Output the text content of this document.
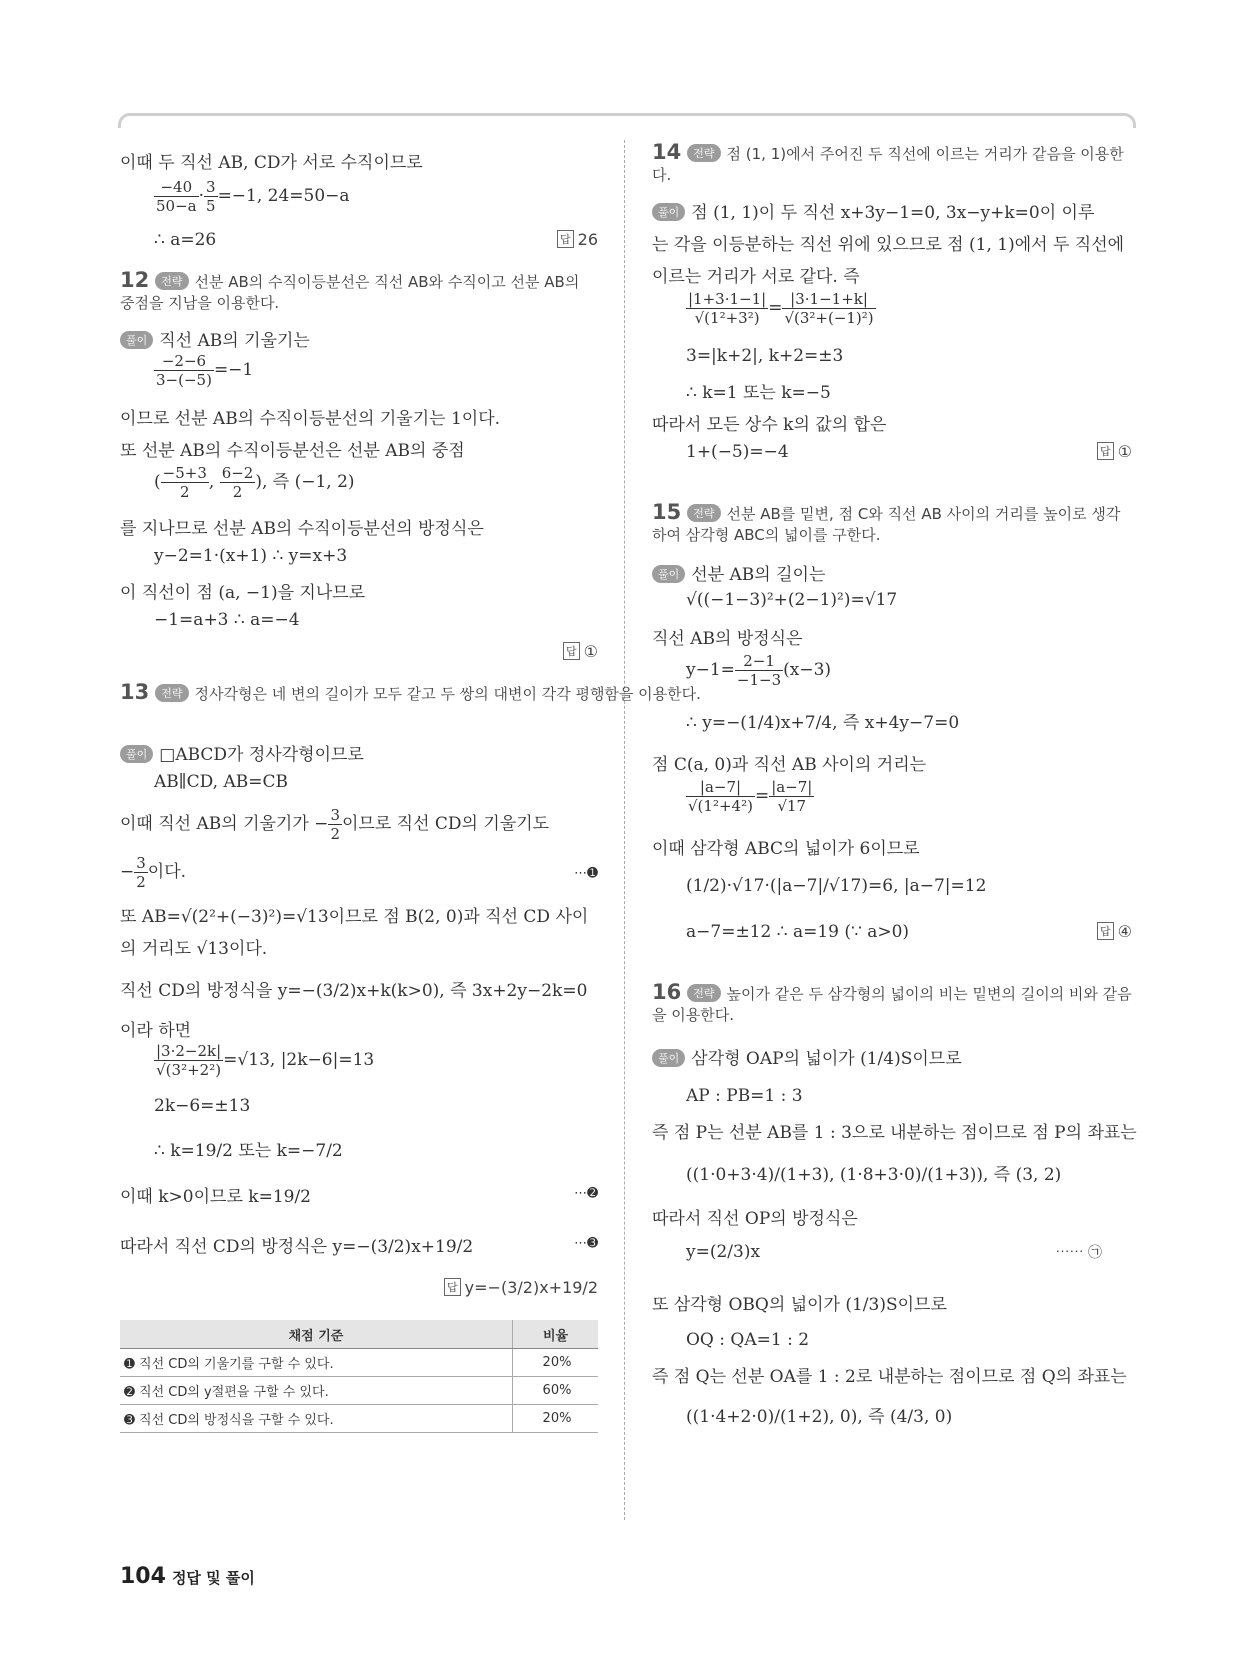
이때 두 직선 AB, CD가 서로 수직이므로
$\frac{-40}{50-a} \cdot \frac{3}{5} =-1$, 24=50−a
∴ a=26	답 26
12 전략 선분 AB의 수직이등분선은 직선 AB와 수직이고 선분 AB의 중점을 지남을 이용한다.
풀이 직선 AB의 기울기는
$\frac{-2-6}{3-(-5)} =-1$
이므로 선분 AB의 수직이등분선의 기울기는 1이다.
또 선분 AB의 수직이등분선은 선분 AB의 중점
( $\frac{-5+3}{2}$ , $\frac{6-2}{2}$ ), 즉 (−1, 2)
를 지나므로 선분 AB의 수직이등분선의 방정식은
y−2=1·(x+1) ∴ y=x+3
이 직선이 점 (a, −1)을 지나므로
−1=a+3 ∴ a=−4
답 ①
13 전략 정사각형은 네 변의 길이가 모두 같고 두 쌍의 대변이 각각 평행함을 이용한다.
풀이 □ABCD가 정사각형이므로
AB∥CD, AB=CB
이때 직선 AB의 기울기가 − $\frac{3}{2}$ 이므로 직선 CD의 기울기도
− $\frac{3}{2}$ 이다.	⋯➊
또 AB=√(2²+(−3)²)=√13이므로 점 B(2, 0)과 직선 CD 사이
의 거리도 √13이다.
직선 CD의 방정식을 y=−(3/2)x+k(k>0), 즉 3x+2y−2k=0
이라 하면
$\frac{|3\cdot 2-2k|}{\text{√(3²+2²)}} =√13$, |2k−6|=13
2k−6=±13
∴ k=19/2 또는 k=−7/2
이때 k>0이므로 k=19/2	⋯➋
따라서 직선 CD의 방정식은 y=−(3/2)x+19/2	⋯➌
답 y=−(3/2)x+19/2
채점 기준	비율
➊ 직선 CD의 기울기를 구할 수 있다.	20%
➋ 직선 CD의 y절편을 구할 수 있다.	60%
➌ 직선 CD의 방정식을 구할 수 있다.	20%
14 전략 점 (1, 1)에서 주어진 두 직선에 이르는 거리가 같음을 이용한다.
풀이 점 (1, 1)이 두 직선 x+3y−1=0, 3x−y+k=0이 이루
는 각을 이등분하는 직선 위에 있으므로 점 (1, 1)에서 두 직선에
이르는 거리가 서로 같다. 즉
$\frac{|1+3\cdot 1-1|}{\text{√(1²+3²)}} = \frac{|3\cdot 1-1+k|}{\text{√(3²+(−1)²)}}$
3=|k+2|, k+2=±3
∴ k=1 또는 k=−5
따라서 모든 상수 k의 값의 합은
1+(−5)=−4	답 ①
15 전략 선분 AB를 밑변, 점 C와 직선 AB 사이의 거리를 높이로 생각하여 삼각형 ABC의 넓이를 구한다.
풀이 선분 AB의 길이는
√((−1−3)²+(2−1)²)=√17
직선 AB의 방정식은
$y-1= \frac{2-1}{-1-3} (x-3)$
∴ y=−(1/4)x+7/4, 즉 x+4y−7=0
점 C(a, 0)과 직선 AB 사이의 거리는
$\frac{|a-7|}{\text{√(1²+4²)}} = \frac{|a-7|}{√17}$
이때 삼각형 ABC의 넓이가 6이므로
(1/2)·√17·(|a−7|/√17)=6, |a−7|=12
a−7=±12 ∴ a=19 (∵ a>0)	답 ④
16 전략 높이가 같은 두 삼각형의 넓이의 비는 밑변의 길이의 비와 같음을 이용한다.
풀이 삼각형 OAP의 넓이가 (1/4)S이므로
AP : PB=1 : 3
즉 점 P는 선분 AB를 1 : 3으로 내분하는 점이므로 점 P의 좌표는
((1·0+3·4)/(1+3), (1·8+3·0)/(1+3)), 즉 (3, 2)
따라서 직선 OP의 방정식은
y=(2/3)x	⋯⋯ ㉠
또 삼각형 OBQ의 넓이가 (1/3)S이므로
OQ : QA=1 : 2
즉 점 Q는 선분 OA를 1 : 2로 내분하는 점이므로 점 Q의 좌표는
((1·4+2·0)/(1+2), 0), 즉 (4/3, 0)
104 정답 및 풀이
